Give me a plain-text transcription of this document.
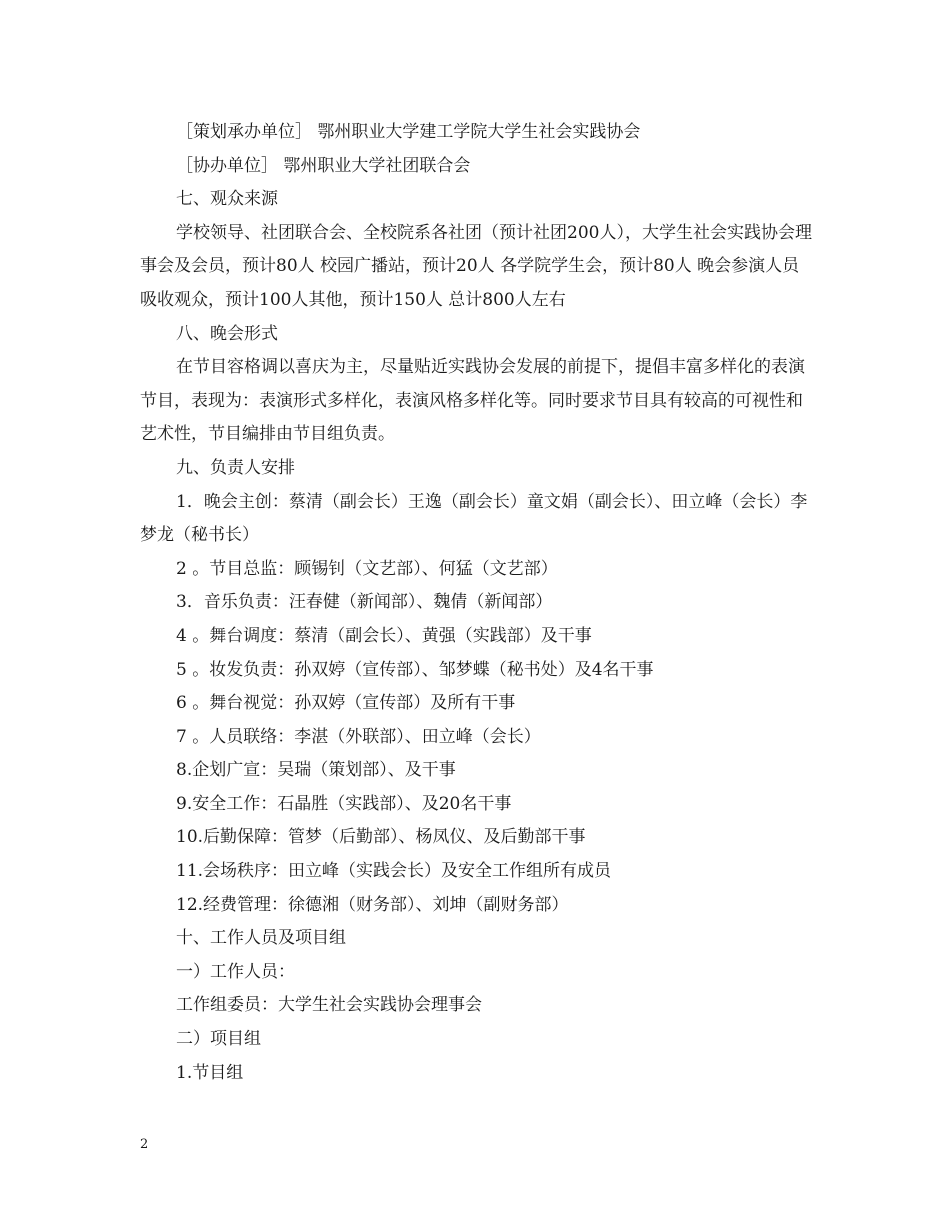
［策划承办单位］ 鄂州职业大学建工学院大学生社会实践协会

［协办单位］ 鄂州职业大学社团联合会

七、观众来源

学校领导、社团联合会、全校院系各社团（预计社团200人），大学生社会实践协会理事会及会员，预计80人 校园广播站，预计20人 各学院学生会，预计80人 晚会参演人员吸收观众，预计100人其他，预计150人 总计800人左右

八、晚会形式

在节目容格调以喜庆为主，尽量贴近实践协会发展的前提下，提倡丰富多样化的表演节目，表现为：表演形式多样化，表演风格多样化等。同时要求节目具有较高的可视性和艺术性，节目编排由节目组负责。

九、负责人安排

1．晚会主创：蔡清（副会长）王逸（副会长）童文娟（副会长）、田立峰（会长）李梦龙（秘书长）

2 。节目总监：顾锡钊（文艺部）、何猛（文艺部）

3．音乐负责：汪春健（新闻部）、魏倩（新闻部）

4 。舞台调度：蔡清（副会长）、黄强（实践部）及干事

5 。妆发负责：孙双婷（宣传部）、邹梦蝶（秘书处）及4名干事

6 。舞台视觉：孙双婷（宣传部）及所有干事

7 。人员联络：李湛（外联部）、田立峰（会长）

8.企划广宣：吴瑞（策划部）、及干事

9.安全工作：石晶胜（实践部）、及20名干事

10.后勤保障：管梦（后勤部）、杨凤仪、及后勤部干事

11.会场秩序：田立峰（实践会长）及安全工作组所有成员

12.经费管理：徐德湘（财务部）、刘坤（副财务部）

十、工作人员及项目组

一）工作人员：

工作组委员：大学生社会实践协会理事会

二）项目组

1.节目组

2
